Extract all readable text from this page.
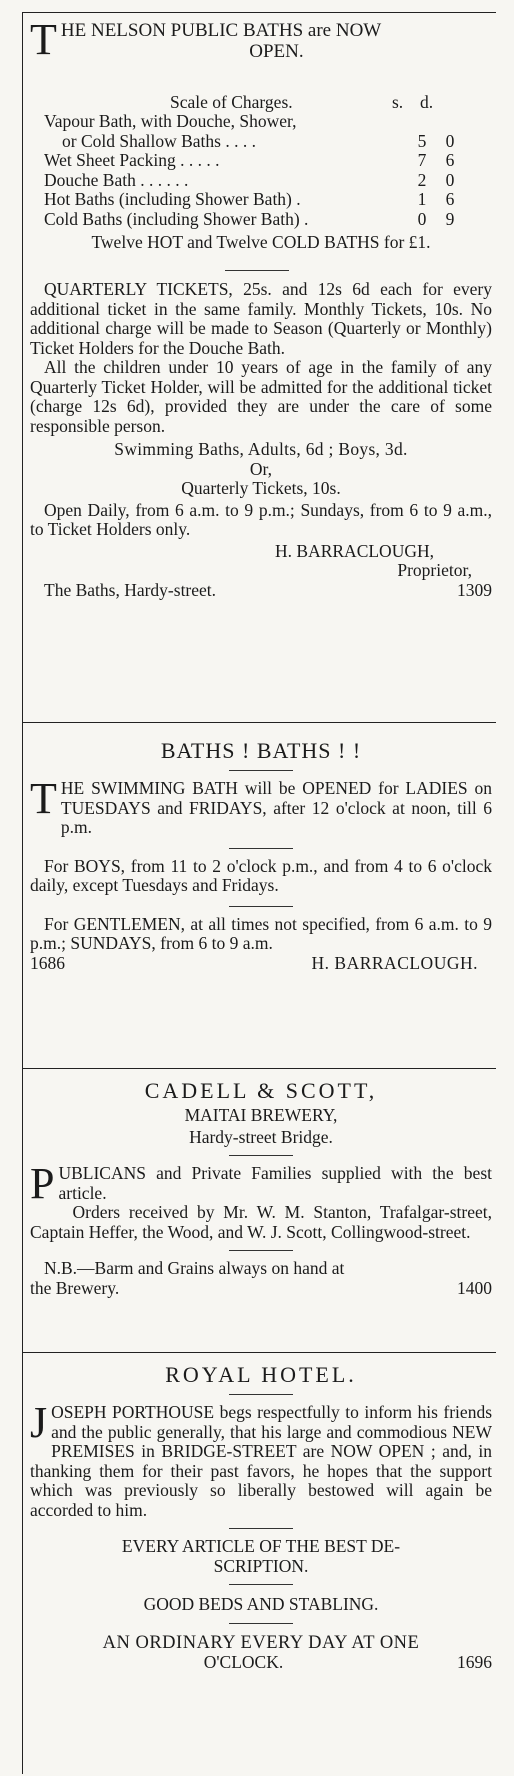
THE NELSON PUBLIC BATHS are NOW
OPEN.
Scale of Charges.	s. d.
Vapour Bath, with Douche, Shower,		
or Cold Shallow Baths . . . .	5	0
Wet Sheet Packing . . . . .	7	6
Douche Bath . . . . . .	2	0
Hot Baths (including Shower Bath) .	1	6
Cold Baths (including Shower Bath) .	0	9
Twelve HOT and Twelve COLD BATHS for £1.

QUARTERLY TICKETS, 25s. and 12s 6d each for every additional ticket in the same family. Monthly Tickets, 10s. No additional charge will be made to Season (Quarterly or Monthly) Ticket Holders for the Douche Bath.

All the children under 10 years of age in the family of any Quarterly Ticket Holder, will be admitted for the additional ticket (charge 12s 6d), provided they are under the care of some responsible person.

Swimming Baths, Adults, 6d ; Boys, 3d.
Or,
Quarterly Tickets, 10s.

Open Daily, from 6 a.m. to 9 p.m.; Sundays, from 6 to 9 a.m., to Ticket Holders only.

H. BARRACLOUGH,
Proprietor,
The Baths, Hardy-street.	1309
BATHS ! BATHS ! !

THE SWIMMING BATH will be OPENED for LADIES on TUESDAYS and FRIDAYS, after 12 o'clock at noon, till 6 p.m.

For BOYS, from 11 to 2 o'clock p.m., and from 4 to 6 o'clock daily, except Tuesdays and Fridays.

For GENTLEMEN, at all times not specified, from 6 a.m. to 9 p.m.; SUNDAYS, from 6 to 9 a.m.

1686	H. BARRACLOUGH.
CADELL & SCOTT,
MAITAI BREWERY,
Hardy-street Bridge.

PUBLICANS and Private Families supplied with the best article.

Orders received by Mr. W. M. Stanton, Trafalgar-street, Captain Heffer, the Wood, and W. J. Scott, Collingwood-street.

N.B.—Barm and Grains always on hand at
the Brewery.	1400
ROYAL HOTEL.

JOSEPH PORTHOUSE begs respectfully to inform his friends and the public generally, that his large and commodious NEW PREMISES in BRIDGE-STREET are NOW OPEN ; and, in thanking them for their past favors, he hopes that the support which was previously so liberally bestowed will again be accorded to him.

EVERY ARTICLE OF THE BEST DE-
SCRIPTION.
GOOD BEDS AND STABLING.
AN ORDINARY EVERY DAY AT ONE
O'CLOCK.	1696
